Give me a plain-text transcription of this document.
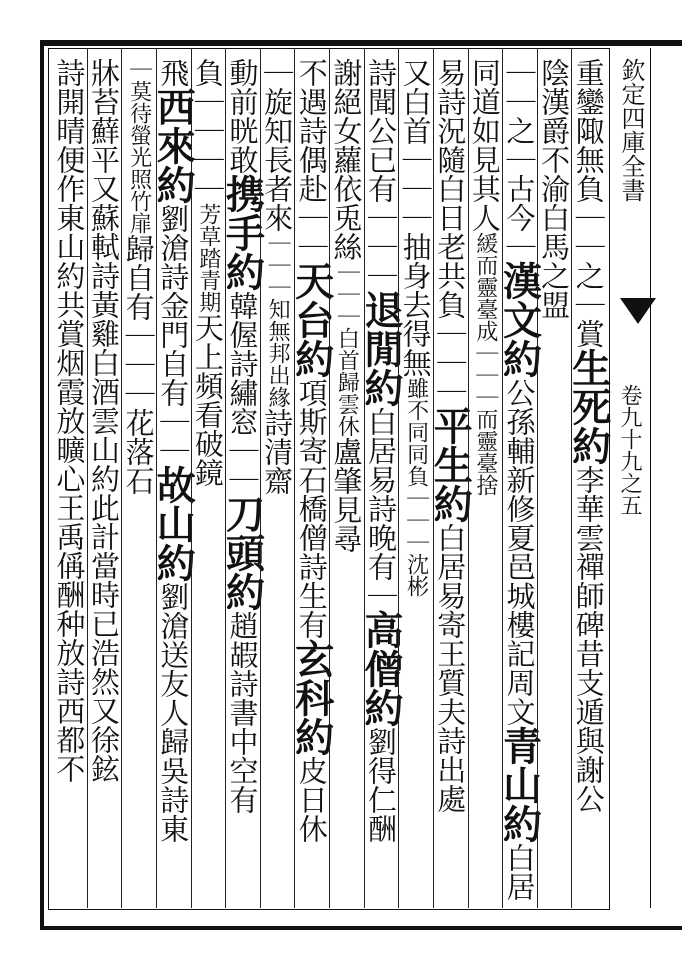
欽定四庫全書
卷九十九之五
重鑾陬無負｜｜之｜賞生死約李華雲禪師碑昔支遁與謝公
陰漢爵不渝白馬之盟
｜｜之｜古今｜漢文約公孫輔新修夏邑城樓記周文青山約白居
同道如見其人緩而靈臺成｜｜｜而靈臺捨
易詩況隨白日老共負｜｜｜平生約白居易寄王質夫詩出處
又白首｜｜｜抽身去得無雖不同同負｜｜｜沈彬
詩聞公已有｜｜｜退閒約白居易詩晚有｜高僧約劉得仁酬
謝絕女蘿依兎絲｜｜｜白首歸雲休盧肇見尋
不遇詩偶赴｜｜天台約項斯寄石橋僧詩生有玄科約皮日休
｜旋知長者來｜｜｜知無邦出緣詩清齋
動前晄敢携手約韓偓詩繡窓｜｜刀頭約趙嘏詩書中空有
負｜｜｜｜芳草踏青期天上頻看破鏡
飛西來約劉滄詩金門自有｜｜故山約劉滄送友人歸吳詩東
｜莫待螢光照竹扉歸自有｜｜｜花落石
牀苔蘚平又蘇軾詩黃雞白酒雲山約此計當時已浩然又徐鉉
詩開晴便作東山約共賞烟霞放曠心王禹偁酬种放詩西都不
